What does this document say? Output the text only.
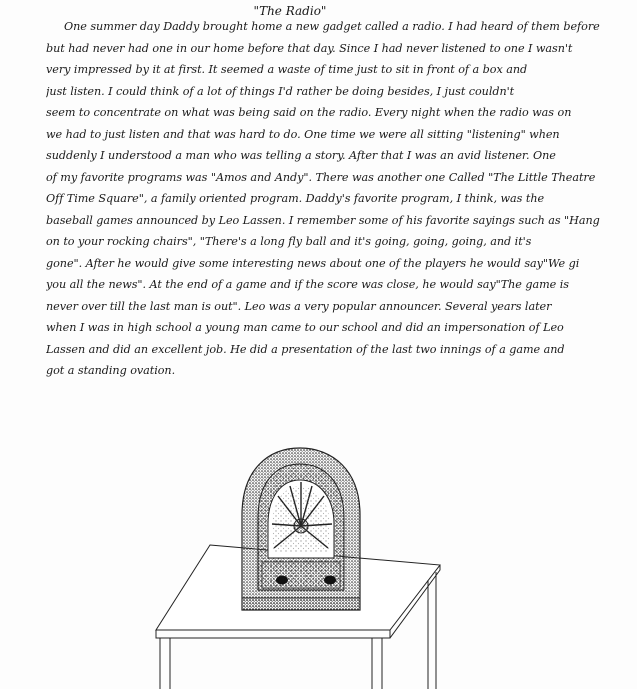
"The Radio"
One summer day Daddy brought home a new gadget called a radio. I had heard of them before
but had never had one in our home before that day. Since I had never listened to one I wasn't
very impressed by it at first. It seemed a waste of time just to sit in front of a box and
just listen. I could think of a lot of things I'd rather be doing besides, I just couldn't
seem to concentrate on what was being said on the radio. Every night when the radio was on
we had to just listen and that was hard to do. One time we were all sitting "listening" when
suddenly I understood a man who was telling a story. After that I was an avid listener. One
of my favorite programs was "Amos and Andy". There was another one Called "The Little Theatre
Off Time Square", a family oriented program. Daddy's favorite program, I think, was the
baseball games announced by Leo Lassen. I remember some of his favorite sayings such as "Hang
on to your rocking chairs", "There's a long fly ball and it's going, going, going, and it's
gone". After he would give some interesting news about one of the players he would say"We gi
you all the news". At the end of a game and if the score was close, he would say"The game is
never over till the last man is out". Leo was a very popular announcer. Several years later
when I was in high school a young man came to our school and did an impersonation of Leo
Lassen and did an excellent job. He did a presentation of the last two innings of a game and
got a standing ovation.
